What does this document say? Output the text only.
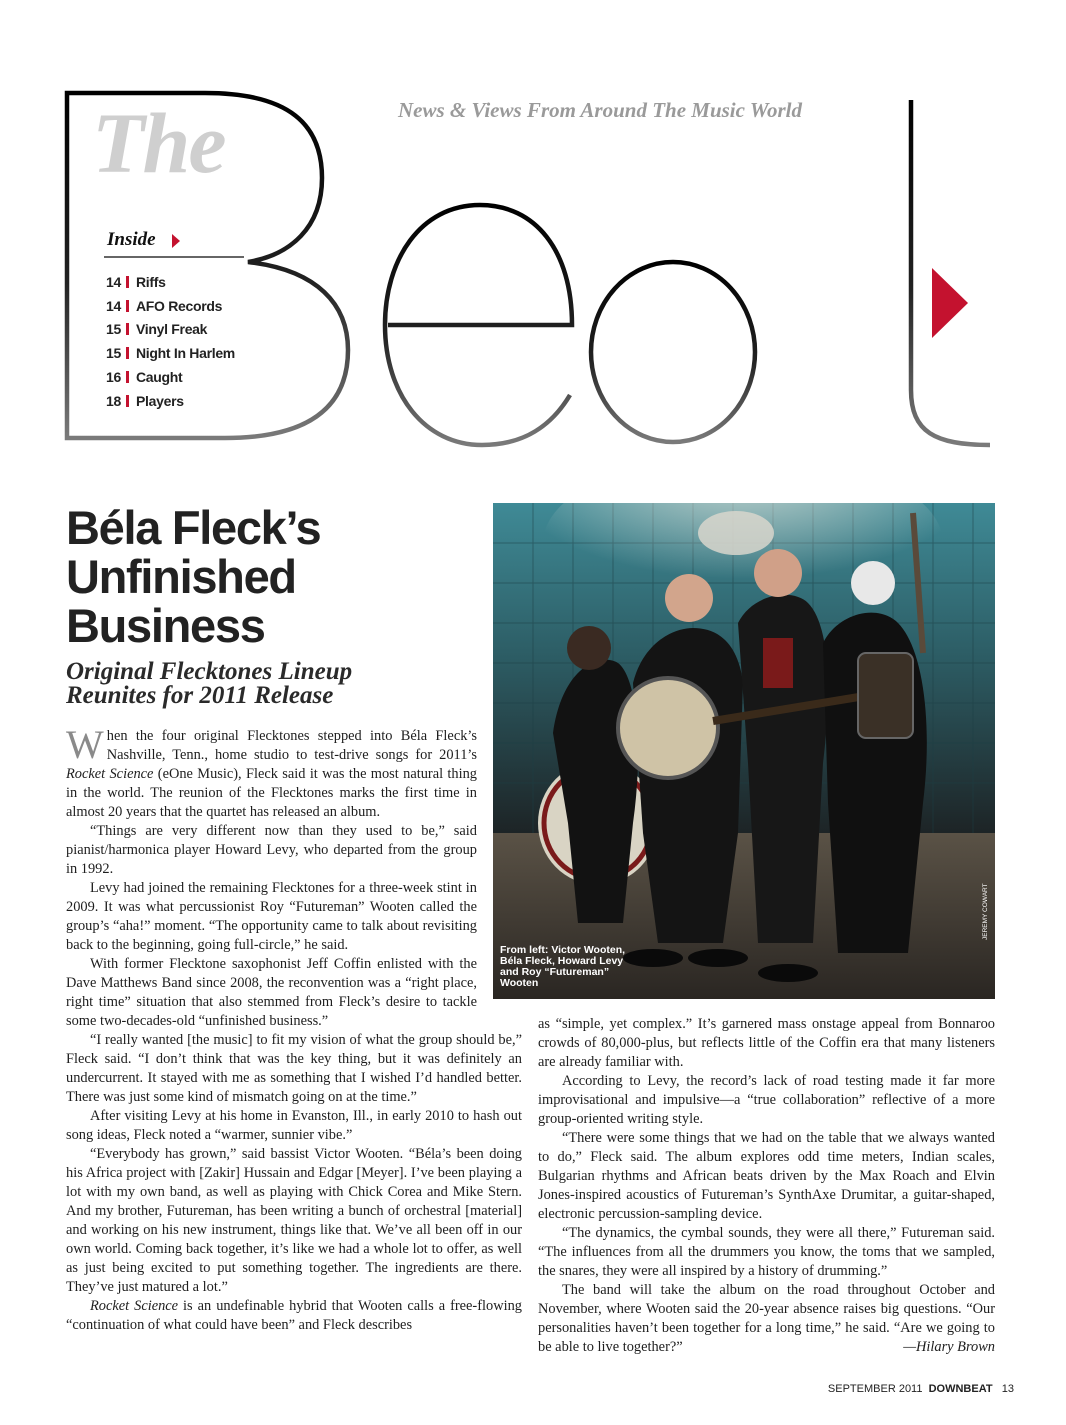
The	News & Views From Around The Music World
Inside
14 Riffs
14 AFO Records
15 Vinyl Freak
15 Night In Harlem
16 Caught
18 Players
Béla Fleck’s
Unfinished
Business
Original Flecktones Lineup
Reunites for 2011 Release

When the four original Flecktones stepped into Béla Fleck’s Nashville, Tenn., home studio to test-drive songs for 2011’s Rocket Science (eOne Music), Fleck said it was the most natural thing in the world. The reunion of the Flecktones marks the first time in almost 20 years that the quartet has released an album.

“Things are very different now than they used to be,” said pianist/harmonica player Howard Levy, who departed from the group in 1992.

Levy had joined the remaining Flecktones for a three-week stint in 2009. It was what percussionist Roy “Futureman” Wooten called the group’s “aha!” moment. “The opportunity came to talk about revisiting back to the beginning, going full-circle,” he said.

With former Flecktone saxophonist Jeff Coffin enlisted with the Dave Matthews Band since 2008, the reconvention was a “right place, right time” situation that also stemmed from Fleck’s desire to tackle some two-decades-old “unfinished business.”

“I really wanted [the music] to fit my vision of what the group should be,” Fleck said. “I don’t think that was the key thing, but it was definitely an undercurrent. It stayed with me as something that I wished I’d handled better. There was just some kind of mismatch going on at the time.”

After visiting Levy at his home in Evanston, Ill., in early 2010 to hash out song ideas, Fleck noted a “warmer, sunnier vibe.”

“Everybody has grown,” said bassist Victor Wooten. “Béla’s been doing his Africa project with [Zakir] Hussain and Edgar [Meyer]. I’ve been playing a lot with my own band, as well as playing with Chick Corea and Mike Stern. And my brother, Futureman, has been writing a bunch of orchestral [material] and working on his new instrument, things like that. We’ve all been off in our own world. Coming back together, it’s like we had a whole lot to offer, as well as just being excited to put something together. The ingredients are there. They’ve just matured a lot.”

Rocket Science is an undefinable hybrid that Wooten calls a free-flowing “continuation of what could have been” and Fleck describes

as “simple, yet complex.” It’s garnered mass onstage appeal from Bonnaroo crowds of 80,000-plus, but reflects little of the Coffin era that many listeners are already familiar with.

According to Levy, the record’s lack of road testing made it far more improvisational and impulsive—a “true collaboration” reflective of a more group-oriented writing style.

“There were some things that we had on the table that we always wanted to do,” Fleck said. The album explores odd time meters, Indian scales, Bulgarian rhythms and African beats driven by the Max Roach and Elvin Jones-inspired acoustics of Futureman’s SynthAxe Drumitar, a guitar-shaped, electronic percussion-sampling device.

“The dynamics, the cymbal sounds, they were all there,” Futureman said. “The influences from all the drummers you know, the toms that we sampled, the snares, they were all inspired by a history of drumming.”

The band will take the album on the road throughout October and November, where Wooten said the 20-year absence raises big questions. “Our personalities haven’t been together for a long time,” he said. “Are we going to be able to live together?”	—Hilary Brown

From left: Victor Wooten, Béla Fleck, Howard Levy and Roy “Futureman” Wooten
JEREMY COWART
SEPTEMBER 2011 DOWNBEAT 13
